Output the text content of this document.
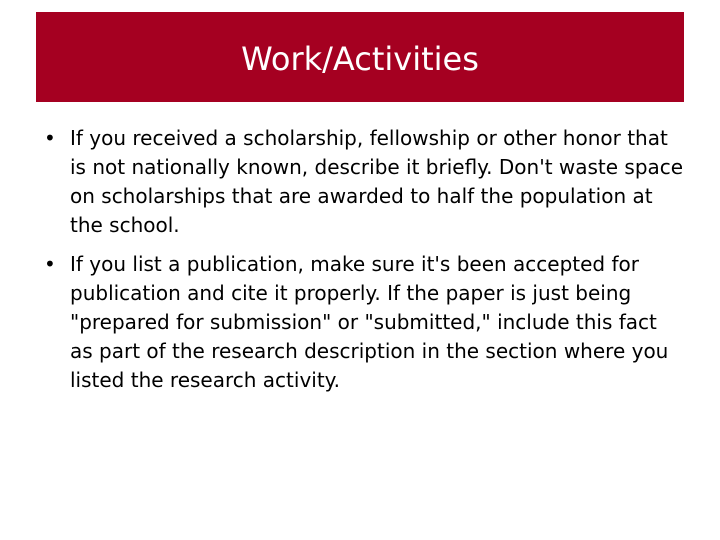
Work/Activities
• If you received a scholarship, fellowship or other honor that is not nationally known, describe it briefly. Don't waste space on scholarships that are awarded to half the population at the school.
• If you list a publication, make sure it's been accepted for publication and cite it properly. If the paper is just being "prepared for submission" or "submitted," include this fact as part of the research description in the section where you listed the research activity.
